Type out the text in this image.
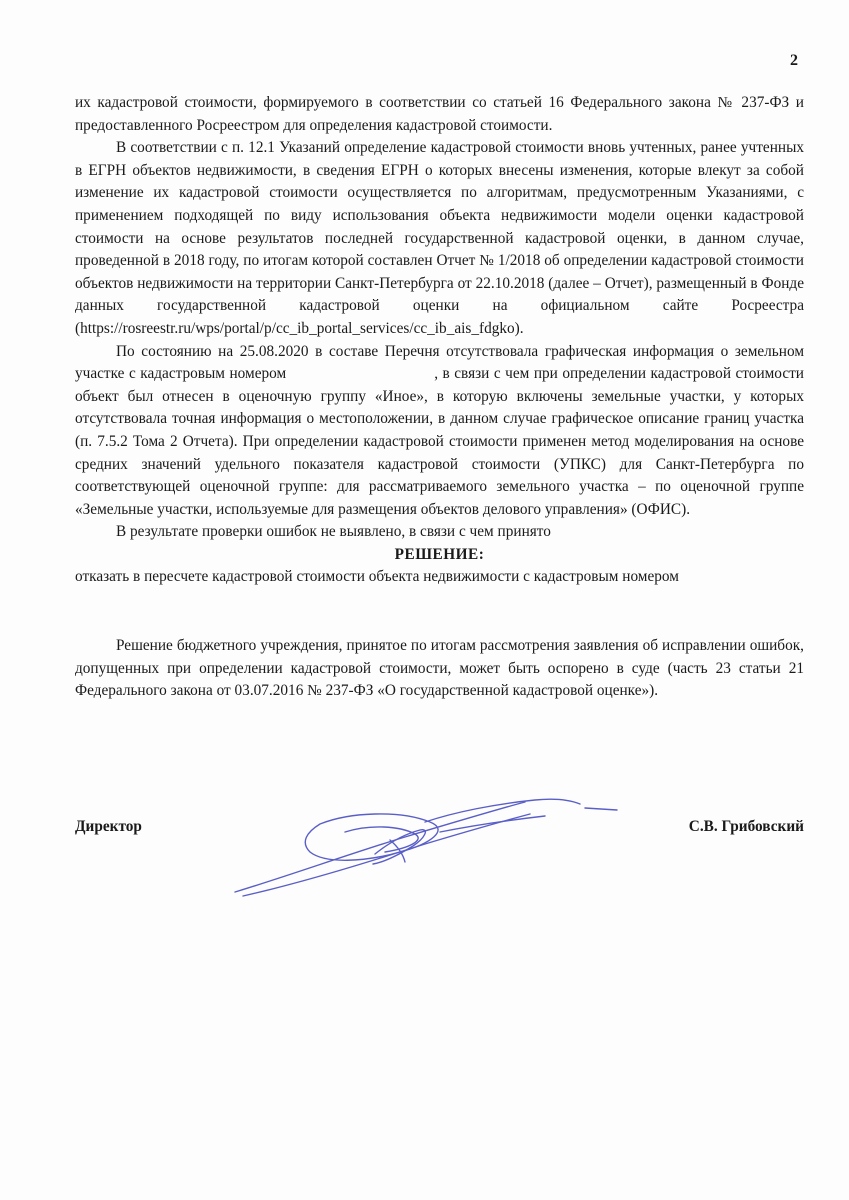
2

их кадастровой стоимости, формируемого в соответствии со статьей 16 Федерального закона № 237-ФЗ и предоставленного Росреестром для определения кадастровой стоимости.

В соответствии с п. 12.1 Указаний определение кадастровой стоимости вновь учтенных, ранее учтенных в ЕГРН объектов недвижимости, в сведения ЕГРН о которых внесены изменения, которые влекут за собой изменение их кадастровой стоимости осуществляется по алгоритмам, предусмотренным Указаниями, с применением подходящей по виду использования объекта недвижимости модели оценки кадастровой стоимости на основе результатов последней государственной кадастровой оценки, в данном случае, проведенной в 2018 году, по итогам которой составлен Отчет № 1/2018 об определении кадастровой стоимости объектов недвижимости на территории Санкт-Петербурга от 22.10.2018 (далее – Отчет), размещенный в Фонде данных государственной кадастровой оценки на официальном сайте Росреестра (https://rosreestr.ru/wps/portal/p/cc_ib_portal_services/cc_ib_ais_fdgko).

По состоянию на 25.08.2020 в составе Перечня отсутствовала графическая информация о земельном участке с кадастровым номером	, в связи с чем при определении кадастровой стоимости объект был отнесен в оценочную группу «Иное», в которую включены земельные участки, у которых отсутствовала точная информация о местоположении, в данном случае графическое описание границ участка (п. 7.5.2 Тома 2 Отчета). При определении кадастровой стоимости применен метод моделирования на основе средних значений удельного показателя кадастровой стоимости (УПКС) для Санкт-Петербурга по соответствующей оценочной группе: для рассматриваемого земельного участка – по оценочной группе «Земельные участки, используемые для размещения объектов делового управления» (ОФИС).

В результате проверки ошибок не выявлено, в связи с чем принято

РЕШЕНИЕ:

отказать в пересчете кадастровой стоимости объекта недвижимости с кадастровым номером

Решение бюджетного учреждения, принятое по итогам рассмотрения заявления об исправлении ошибок, допущенных при определении кадастровой стоимости, может быть оспорено в суде (часть 23 статьи 21 Федерального закона от 03.07.2016 № 237-ФЗ «О государственной кадастровой оценке»).

Директор	С.В. Грибовский
